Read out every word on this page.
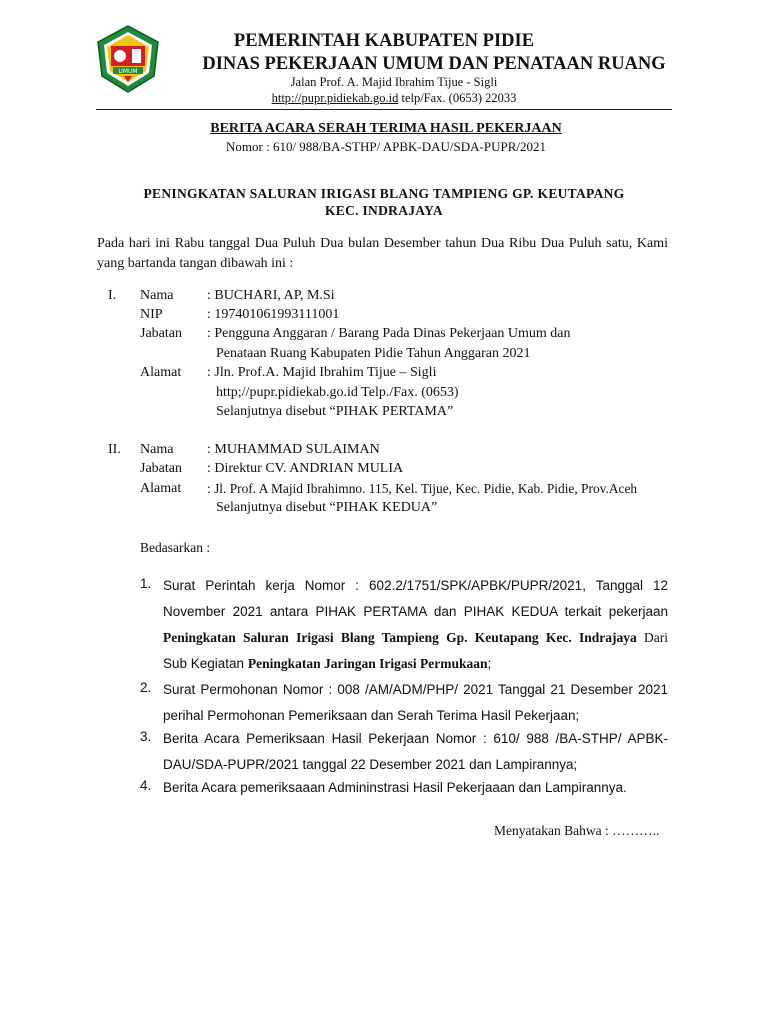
UMUM
PEMERINTAH KABUPATEN PIDIE
DINAS PEKERJAAN UMUM DAN PENATAAN RUANG
Jalan Prof. A. Majid Ibrahim Tijue - Sigli
http://pupr.pidiekab.go.id telp/Fax. (0653) 22033
BERITA ACARA SERAH TERIMA HASIL PEKERJAAN
Nomor : 610/ 988/BA-STHP/ APBK-DAU/SDA-PUPR/2021
PENINGKATAN SALURAN IRIGASI BLANG TAMPIENG GP. KEUTAPANG
KEC. INDRAJAYA
Pada hari ini Rabu tanggal Dua Puluh Dua bulan Desember tahun Dua Ribu Dua Puluh satu, Kami
yang bartanda tangan dibawah ini :
I. Nama : BUCHARI, AP, M.Si
NIP	: 197401061993111001
Jabatan : Pengguna Anggaran / Barang Pada Dinas Pekerjaan Umum dan
Penataan Ruang Kabupaten Pidie Tahun Anggaran 2021
Alamat : Jln. Prof.A. Majid Ibrahim Tijue – Sigli
http;//pupr.pidiekab.go.id Telp./Fax. (0653)
Selanjutnya disebut “PIHAK PERTAMA”
II. Nama : MUHAMMAD SULAIMAN
Jabatan : Direktur CV. ANDRIAN MULIA
Alamat : Jl. Prof. A Majid Ibrahimno. 115, Kel. Tijue, Kec. Pidie, Kab. Pidie, Prov.Aceh
Selanjutnya disebut “PIHAK KEDUA”
Bedasarkan :
1. Surat Perintah kerja Nomor : 602.2/1751/SPK/APBK/PUPR/2021, Tanggal 12
November 2021 antara PIHAK PERTAMA dan PIHAK KEDUA terkait pekerjaan
Peningkatan Saluran Irigasi Blang Tampieng Gp. Keutapang Kec. Indrajaya Dari
Sub Kegiatan Peningkatan Jaringan Irigasi Permukaan;
2. Surat Permohonan Nomor : 008 /AM/ADM/PHP/ 2021 Tanggal 21 Desember 2021
perihal Permohonan Pemeriksaan dan Serah Terima Hasil Pekerjaan;
3. Berita Acara Pemeriksaan Hasil Pekerjaan Nomor : 610/ 988 /BA-STHP/ APBK-
DAU/SDA-PUPR/2021 tanggal 22 Desember 2021 dan Lampirannya;
4. Berita Acara pemeriksaaan Admininstrasi Hasil Pekerjaaan dan Lampirannya.
Menyatakan Bahwa : ………..
